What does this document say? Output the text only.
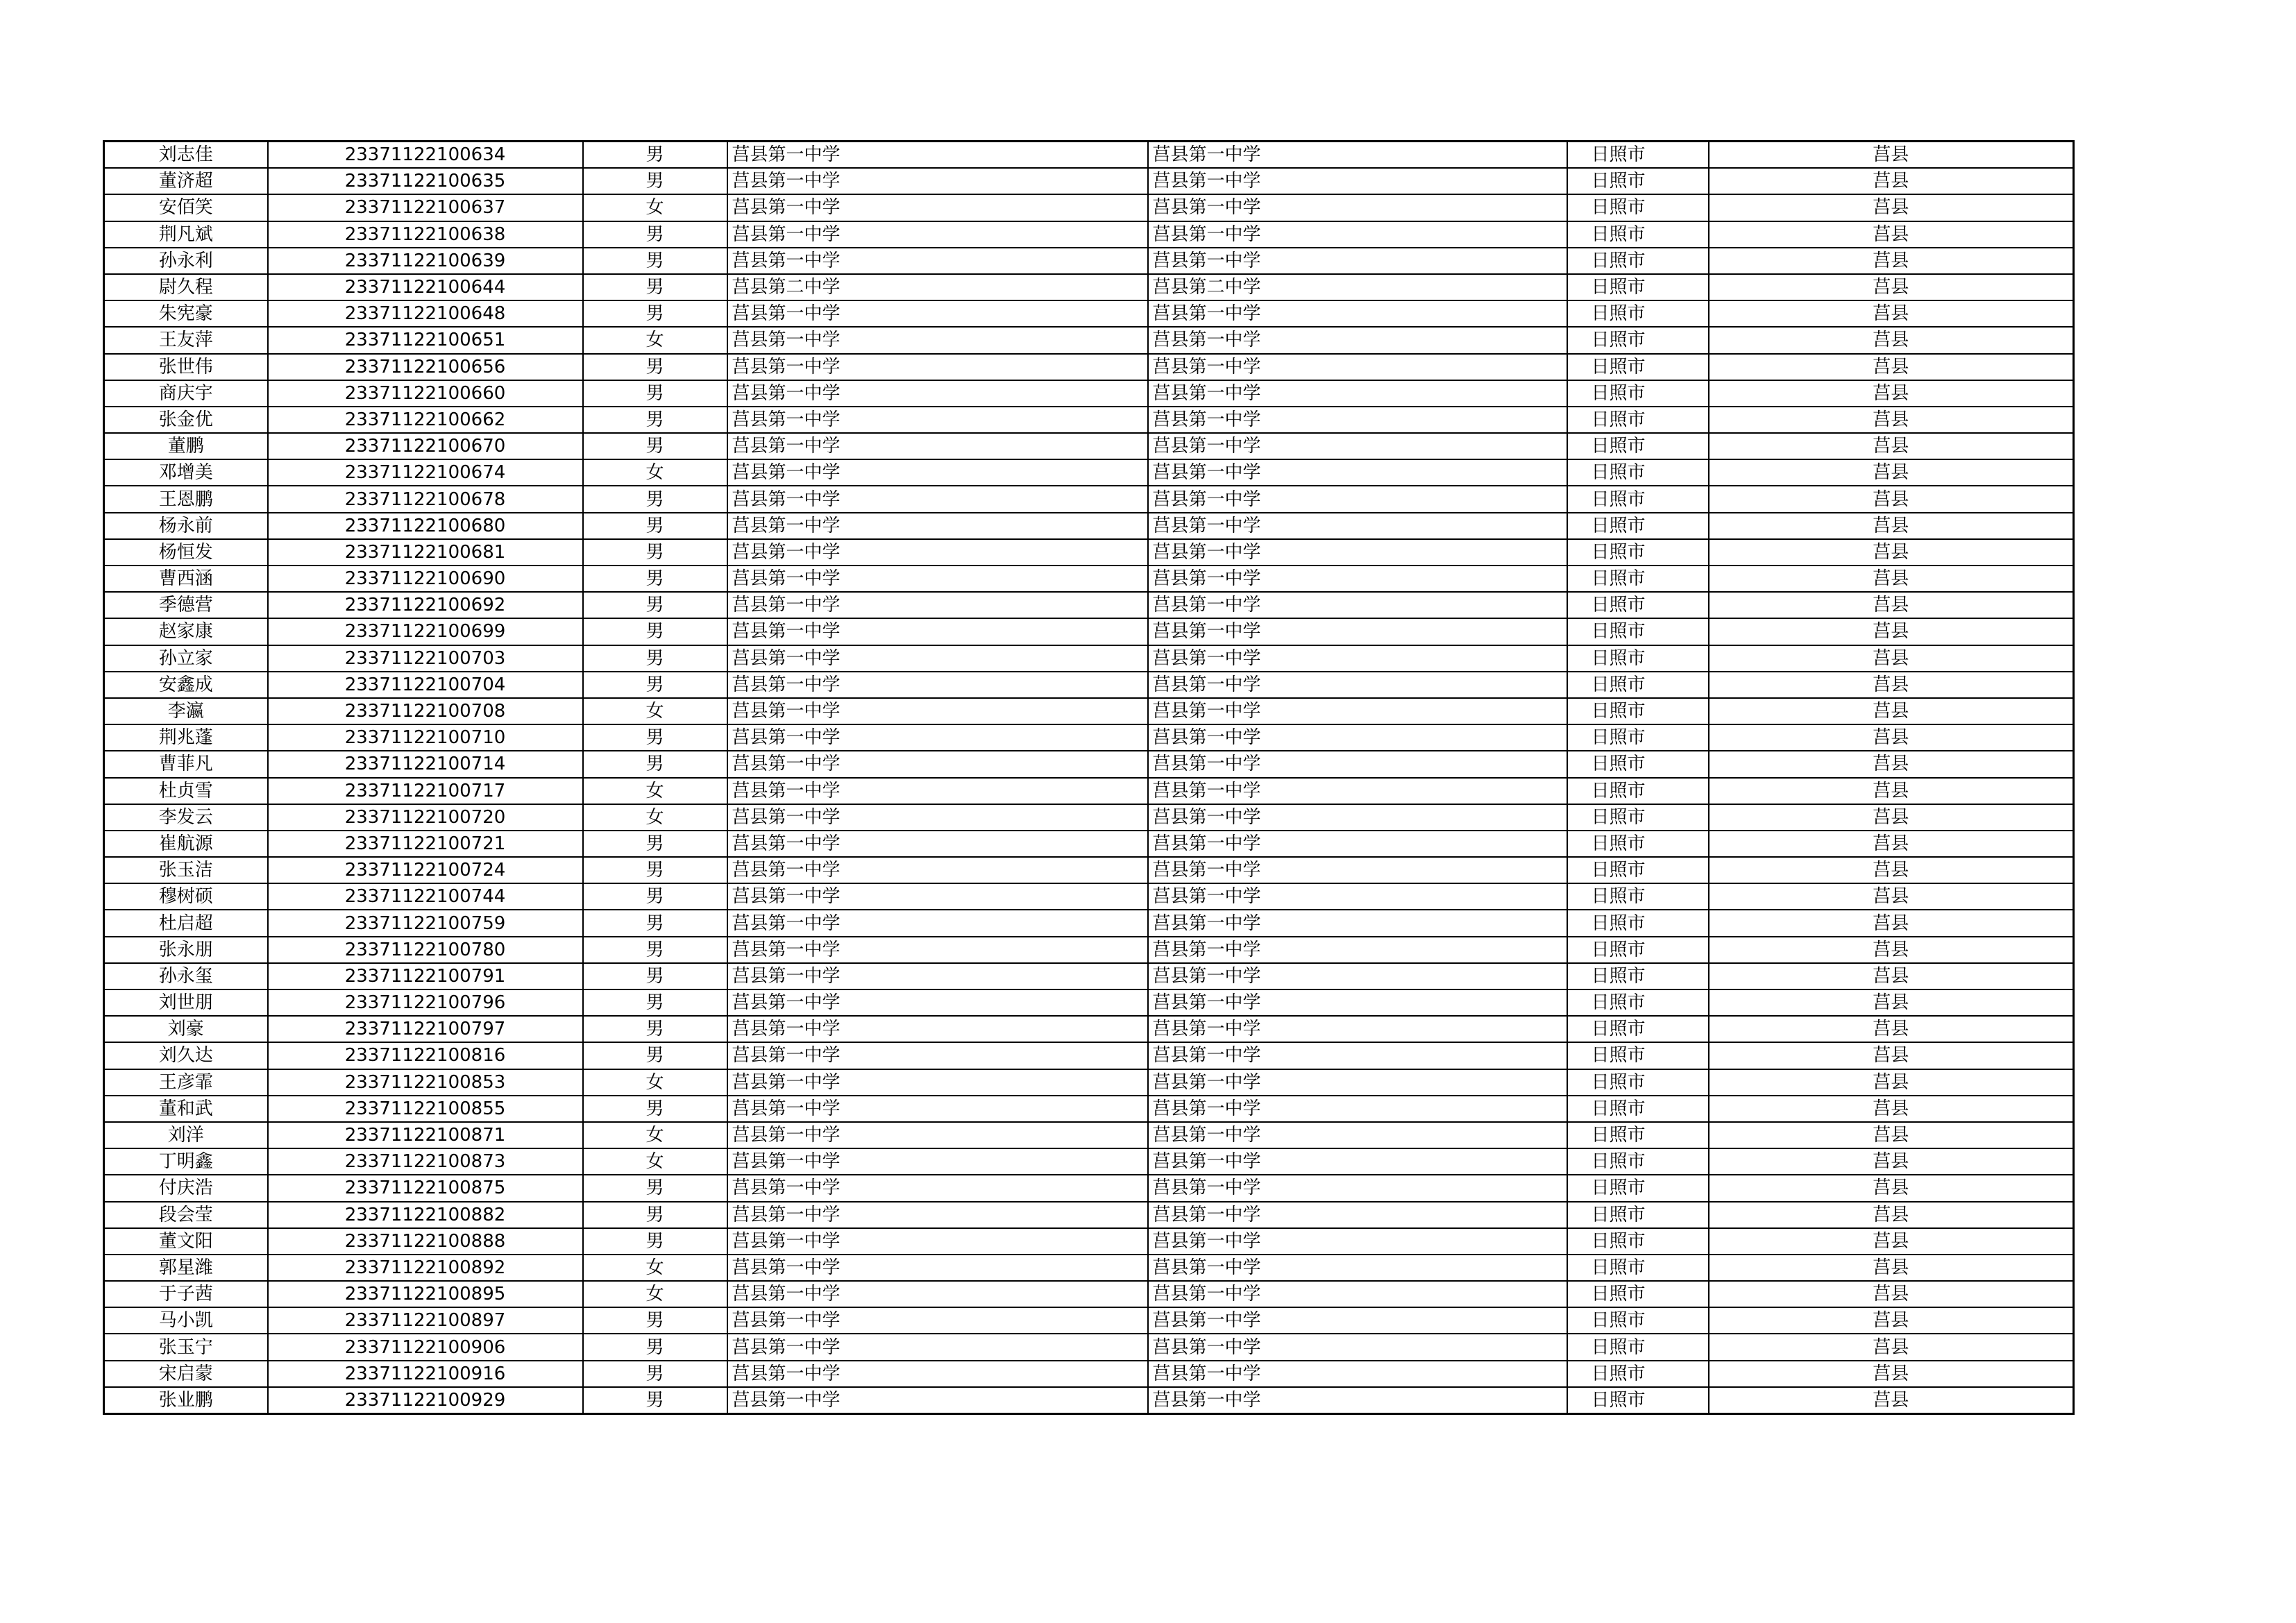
刘志佳	23371122100634	男	莒县第一中学	莒县第一中学	日照市	莒县
董济超	23371122100635	男	莒县第一中学	莒县第一中学	日照市	莒县
安佰笑	23371122100637	女	莒县第一中学	莒县第一中学	日照市	莒县
荆凡斌	23371122100638	男	莒县第一中学	莒县第一中学	日照市	莒县
孙永利	23371122100639	男	莒县第一中学	莒县第一中学	日照市	莒县
尉久程	23371122100644	男	莒县第二中学	莒县第二中学	日照市	莒县
朱宪豪	23371122100648	男	莒县第一中学	莒县第一中学	日照市	莒县
王友萍	23371122100651	女	莒县第一中学	莒县第一中学	日照市	莒县
张世伟	23371122100656	男	莒县第一中学	莒县第一中学	日照市	莒县
商庆宇	23371122100660	男	莒县第一中学	莒县第一中学	日照市	莒县
张金优	23371122100662	男	莒县第一中学	莒县第一中学	日照市	莒县
董鹏	23371122100670	男	莒县第一中学	莒县第一中学	日照市	莒县
邓增美	23371122100674	女	莒县第一中学	莒县第一中学	日照市	莒县
王恩鹏	23371122100678	男	莒县第一中学	莒县第一中学	日照市	莒县
杨永前	23371122100680	男	莒县第一中学	莒县第一中学	日照市	莒县
杨恒发	23371122100681	男	莒县第一中学	莒县第一中学	日照市	莒县
曹西涵	23371122100690	男	莒县第一中学	莒县第一中学	日照市	莒县
季德营	23371122100692	男	莒县第一中学	莒县第一中学	日照市	莒县
赵家康	23371122100699	男	莒县第一中学	莒县第一中学	日照市	莒县
孙立家	23371122100703	男	莒县第一中学	莒县第一中学	日照市	莒县
安鑫成	23371122100704	男	莒县第一中学	莒县第一中学	日照市	莒县
李瀛	23371122100708	女	莒县第一中学	莒县第一中学	日照市	莒县
荆兆蓬	23371122100710	男	莒县第一中学	莒县第一中学	日照市	莒县
曹菲凡	23371122100714	男	莒县第一中学	莒县第一中学	日照市	莒县
杜贞雪	23371122100717	女	莒县第一中学	莒县第一中学	日照市	莒县
李发云	23371122100720	女	莒县第一中学	莒县第一中学	日照市	莒县
崔航源	23371122100721	男	莒县第一中学	莒县第一中学	日照市	莒县
张玉洁	23371122100724	男	莒县第一中学	莒县第一中学	日照市	莒县
穆树硕	23371122100744	男	莒县第一中学	莒县第一中学	日照市	莒县
杜启超	23371122100759	男	莒县第一中学	莒县第一中学	日照市	莒县
张永朋	23371122100780	男	莒县第一中学	莒县第一中学	日照市	莒县
孙永玺	23371122100791	男	莒县第一中学	莒县第一中学	日照市	莒县
刘世朋	23371122100796	男	莒县第一中学	莒县第一中学	日照市	莒县
刘豪	23371122100797	男	莒县第一中学	莒县第一中学	日照市	莒县
刘久达	23371122100816	男	莒县第一中学	莒县第一中学	日照市	莒县
王彦霏	23371122100853	女	莒县第一中学	莒县第一中学	日照市	莒县
董和武	23371122100855	男	莒县第一中学	莒县第一中学	日照市	莒县
刘洋	23371122100871	女	莒县第一中学	莒县第一中学	日照市	莒县
丁明鑫	23371122100873	女	莒县第一中学	莒县第一中学	日照市	莒县
付庆浩	23371122100875	男	莒县第一中学	莒县第一中学	日照市	莒县
段会莹	23371122100882	男	莒县第一中学	莒县第一中学	日照市	莒县
董文阳	23371122100888	男	莒县第一中学	莒县第一中学	日照市	莒县
郭星潍	23371122100892	女	莒县第一中学	莒县第一中学	日照市	莒县
于子茜	23371122100895	女	莒县第一中学	莒县第一中学	日照市	莒县
马小凯	23371122100897	男	莒县第一中学	莒县第一中学	日照市	莒县
张玉宁	23371122100906	男	莒县第一中学	莒县第一中学	日照市	莒县
宋启蒙	23371122100916	男	莒县第一中学	莒县第一中学	日照市	莒县
张业鹏	23371122100929	男	莒县第一中学	莒县第一中学	日照市	莒县
